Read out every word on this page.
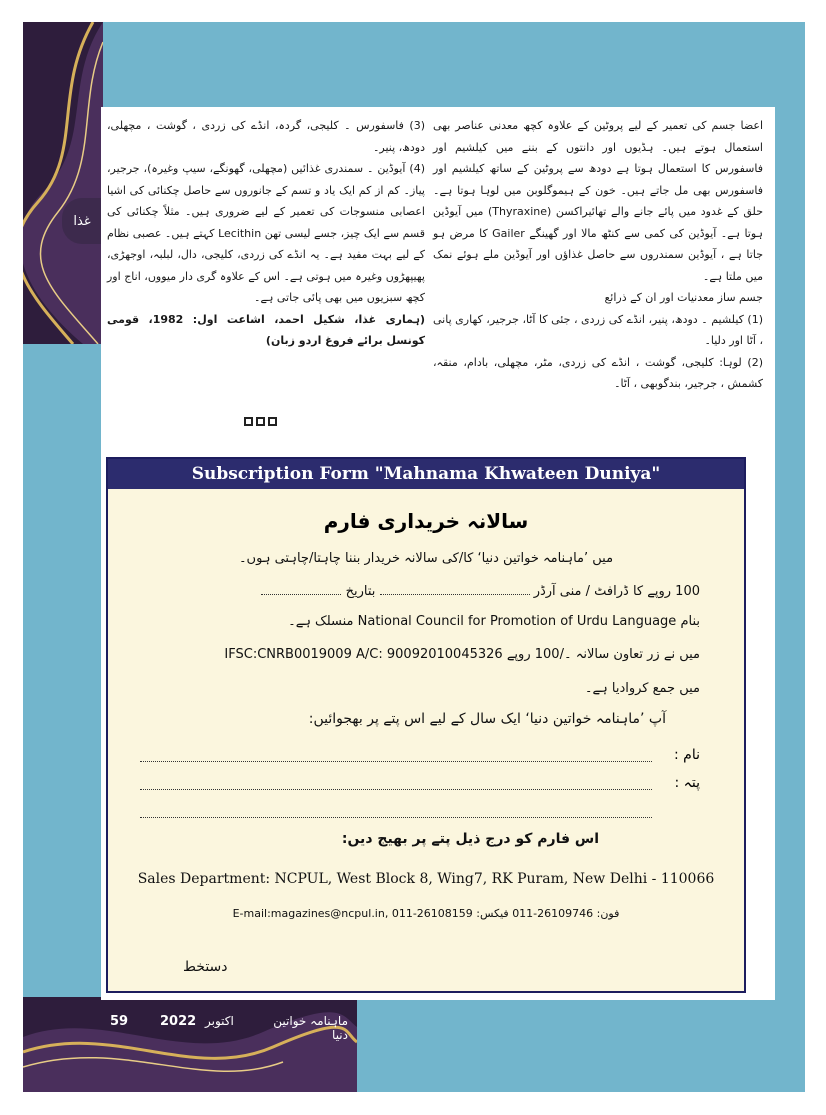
غذا

اعضا جسم کی تعمیر کے لیے پروٹین کے علاوہ کچھ معدنی عناصر بھی استعمال ہوتے ہیں۔ ہڈیوں اور دانتوں کے بننے میں کیلشیم اور فاسفورس کا استعمال ہوتا ہے دودھ سے پروٹین کے ساتھ کیلشیم اور فاسفورس بھی مل جاتے ہیں۔ خون کے ہیموگلوبن میں لوہا ہوتا ہے۔ حلق کے غدود میں پائے جانے والے تھائیراکسن (Thyraxine) میں آیوڈین ہوتا ہے۔ آیوڈین کی کمی سے کنٹھ مالا اور گھینگے Gailer کا مرض ہو جاتا ہے ، آیوڈین سمندروں سے حاصل غذاؤں اور آیوڈین ملے ہوئے نمک میں ملتا ہے۔

جسم ساز معدنیات اور ان کے ذرائع

(1) کیلشیم ۔ دودھ، پنیر، انڈے کی زردی ، جئی کا آٹا، جرجیر، کھاری پانی ، آٹا اور دلیا۔

(2) لوہا: کلیجی، گوشت ، انڈے کی زردی، مٹر، مچھلی، بادام، منقہ، کشمش ، جرجیر، بندگوبھی ، آٹا۔

(3) فاسفورس ۔ کلیجی، گردہ، انڈے کی زردی ، گوشت ، مچھلی، دودھ، پنیر۔

(4) آیوڈین ۔ سمندری غذائیں (مچھلی، گھونگے، سیپ وغیرہ)، جرجیر، پیاز۔ کم از کم ایک یاد و تسم کے جانوروں سے حاصل چکنائی کی اشیا اعصابی منسوجات کی تعمیر کے لیے ضروری ہیں۔ مثلاً چکنائی کی قسم سے ایک چیز، جسے لیسی تھن Lecithin کہتے ہیں۔ عصبی نظام کے لیے بہت مفید ہے۔ یہ انڈے کی زردی، کلیجی، دال، لبلبہ، اوجھڑی، پھیپھڑوں وغیرہ میں ہوتی ہے۔ اس کے علاوہ گری دار میووں، اناج اور کچھ سبزیوں میں بھی پائی جاتی ہے۔

(ہماری غذا، شکیل احمد، اشاعت اول: 1982، قومی کونسل برائے فروغ اردو زبان)

Subscription Form "Mahnama Khwateen Duniya"
سالانہ خریداری فارم
میں ’ماہنامہ خواتین دنیا‘ کا/کی سالانہ خریدار بننا چاہتا/چاہتی ہوں۔
100 روپے کا ڈرافٹ / منی آرڈر  بتاریخ
بنام National Council for Promotion of Urdu Language منسلک ہے۔
میں نے زر تعاون سالانہ ۔/100 روپے 90092010045326 A/C: IFSC:CNRB0019009
میں جمع کروادیا ہے۔
آپ ’ماہنامہ خواتین دنیا‘ ایک سال کے لیے اس پتے پر بھجوائیں:
نام :
پتہ :
اس فارم کو درج ذیل پتے پر بھیج دیں:
Sales Department: NCPUL, West Block 8, Wing7, RK Puram, New Delhi - 110066
E-mail:magazines@ncpul.in, 011-26108159 فیکس: 011-26109746 فون:
دستخط
59 2022 اکتوبر	ماہنامہ خواتین دنیا
